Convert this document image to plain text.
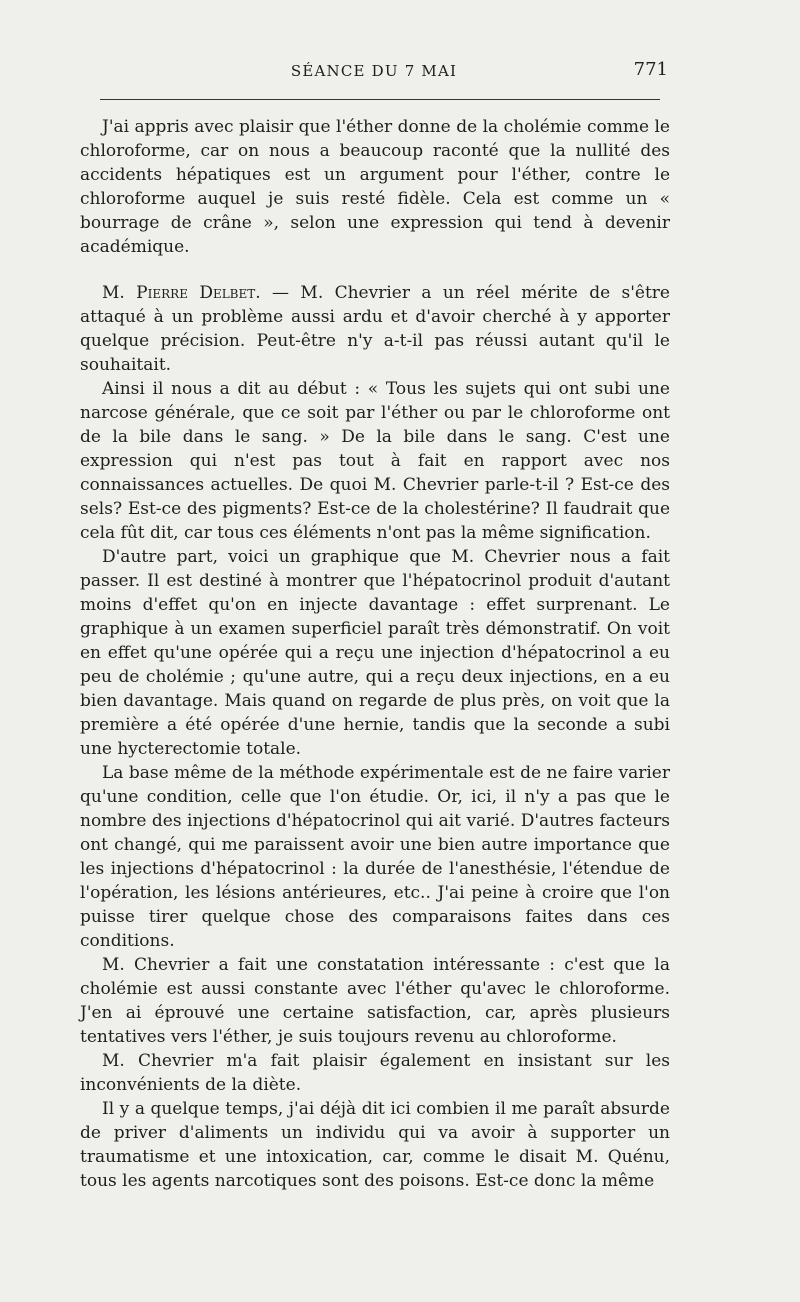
SÉANCE DU 7 MAI	771

J'ai appris avec plaisir que l'éther donne de la cholémie comme le chloroforme, car on nous a beaucoup raconté que la nullité des accidents hépatiques est un argument pour l'éther, contre le chloroforme auquel je suis resté fidèle. Cela est comme un « bourrage de crâne », selon une expression qui tend à devenir académique.

M. Pierre Delbet. — M. Chevrier a un réel mérite de s'être attaqué à un problème aussi ardu et d'avoir cherché à y apporter quelque précision. Peut-être n'y a-t-il pas réussi autant qu'il le souhaitait.

Ainsi il nous a dit au début : « Tous les sujets qui ont subi une narcose générale, que ce soit par l'éther ou par le chloroforme ont de la bile dans le sang. » De la bile dans le sang. C'est une expression qui n'est pas tout à fait en rapport avec nos connaissances actuelles. De quoi M. Chevrier parle-t-il ? Est-ce des sels? Est-ce des pigments? Est-ce de la cholestérine? Il faudrait que cela fût dit, car tous ces éléments n'ont pas la même signification.

D'autre part, voici un graphique que M. Chevrier nous a fait passer. Il est destiné à montrer que l'hépatocrinol produit d'autant moins d'effet qu'on en injecte davantage : effet surprenant. Le graphique à un examen superficiel paraît très démonstratif. On voit en effet qu'une opérée qui a reçu une injection d'hépatocrinol a eu peu de cholémie ; qu'une autre, qui a reçu deux injections, en a eu bien davantage. Mais quand on regarde de plus près, on voit que la première a été opérée d'une hernie, tandis que la seconde a subi une hycterectomie totale.

La base même de la méthode expérimentale est de ne faire varier qu'une condition, celle que l'on étudie. Or, ici, il n'y a pas que le nombre des injections d'hépatocrinol qui ait varié. D'autres facteurs ont changé, qui me paraissent avoir une bien autre importance que les injections d'hépatocrinol : la durée de l'anesthésie, l'étendue de l'opération, les lésions antérieures, etc.. J'ai peine à croire que l'on puisse tirer quelque chose des comparaisons faites dans ces conditions.

M. Chevrier a fait une constatation intéressante : c'est que la cholémie est aussi constante avec l'éther qu'avec le chloroforme. J'en ai éprouvé une certaine satisfaction, car, après plusieurs tentatives vers l'éther, je suis toujours revenu au chloroforme.

M. Chevrier m'a fait plaisir également en insistant sur les inconvénients de la diète.

Il y a quelque temps, j'ai déjà dit ici combien il me paraît absurde de priver d'aliments un individu qui va avoir à supporter un traumatisme et une intoxication, car, comme le disait M. Quénu, tous les agents narcotiques sont des poisons. Est-ce donc la même
